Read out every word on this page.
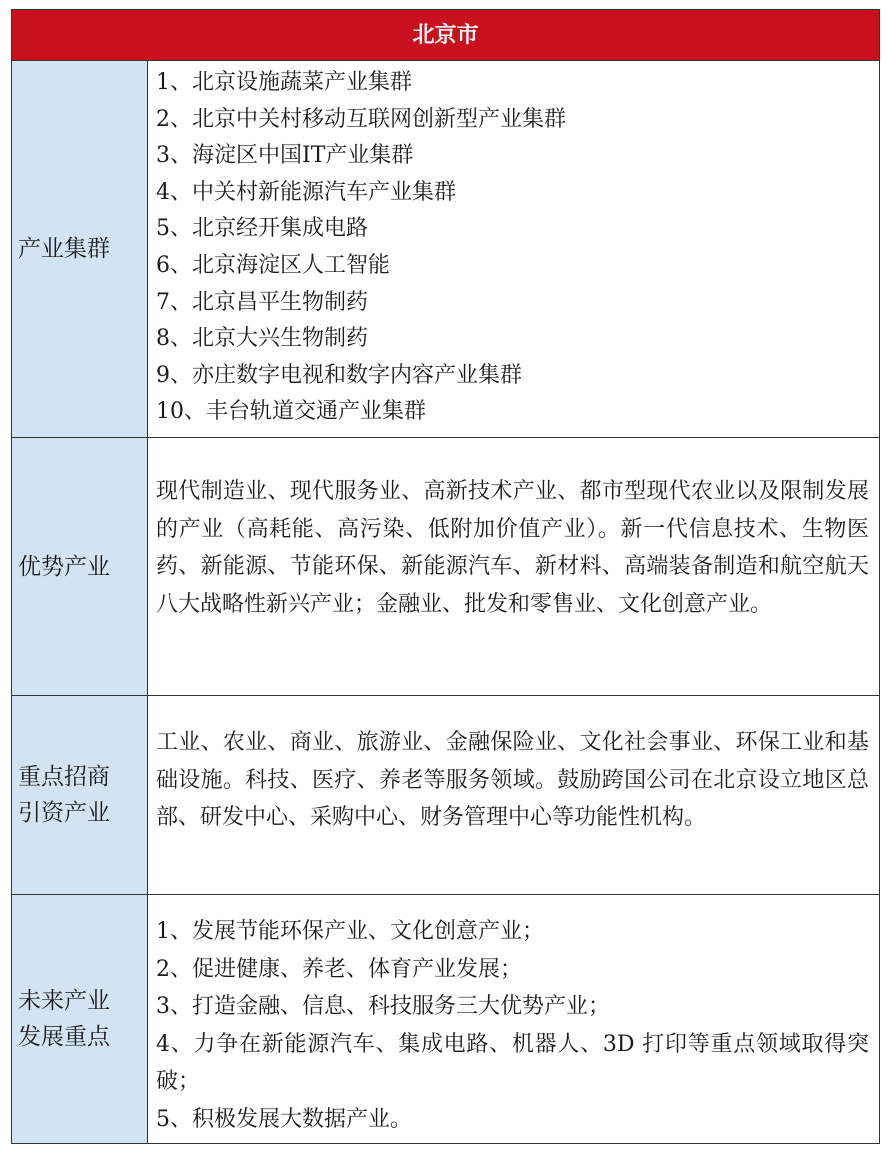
北京市
产业集群
1、北京设施蔬菜产业集群
2、北京中关村移动互联网创新型产业集群
3、海淀区中国IT产业集群
4、中关村新能源汽车产业集群
5、北京经开集成电路
6、北京海淀区人工智能
7、北京昌平生物制药
8、北京大兴生物制药
9、亦庄数字电视和数字内容产业集群
10、丰台轨道交通产业集群
优势产业
现代制造业、现代服务业、高新技术产业、都市型现代农业以及限制发展的产业（高耗能、高污染、低附加价值产业）。新一代信息技术、生物医药、新能源、节能环保、新能源汽车、新材料、高端装备制造和航空航天八大战略性新兴产业；金融业、批发和零售业、文化创意产业。
重点招商
引资产业
工业、农业、商业、旅游业、金融保险业、文化社会事业、环保工业和基础设施。科技、医疗、养老等服务领域。鼓励跨国公司在北京设立地区总部、研发中心、采购中心、财务管理中心等功能性机构。
未来产业
发展重点
1、发展节能环保产业、文化创意产业；
2、促进健康、养老、体育产业发展；
3、打造金融、信息、科技服务三大优势产业；
4、力争在新能源汽车、集成电路、机器人、3D 打印等重点领域取得突破；
5、积极发展大数据产业。
